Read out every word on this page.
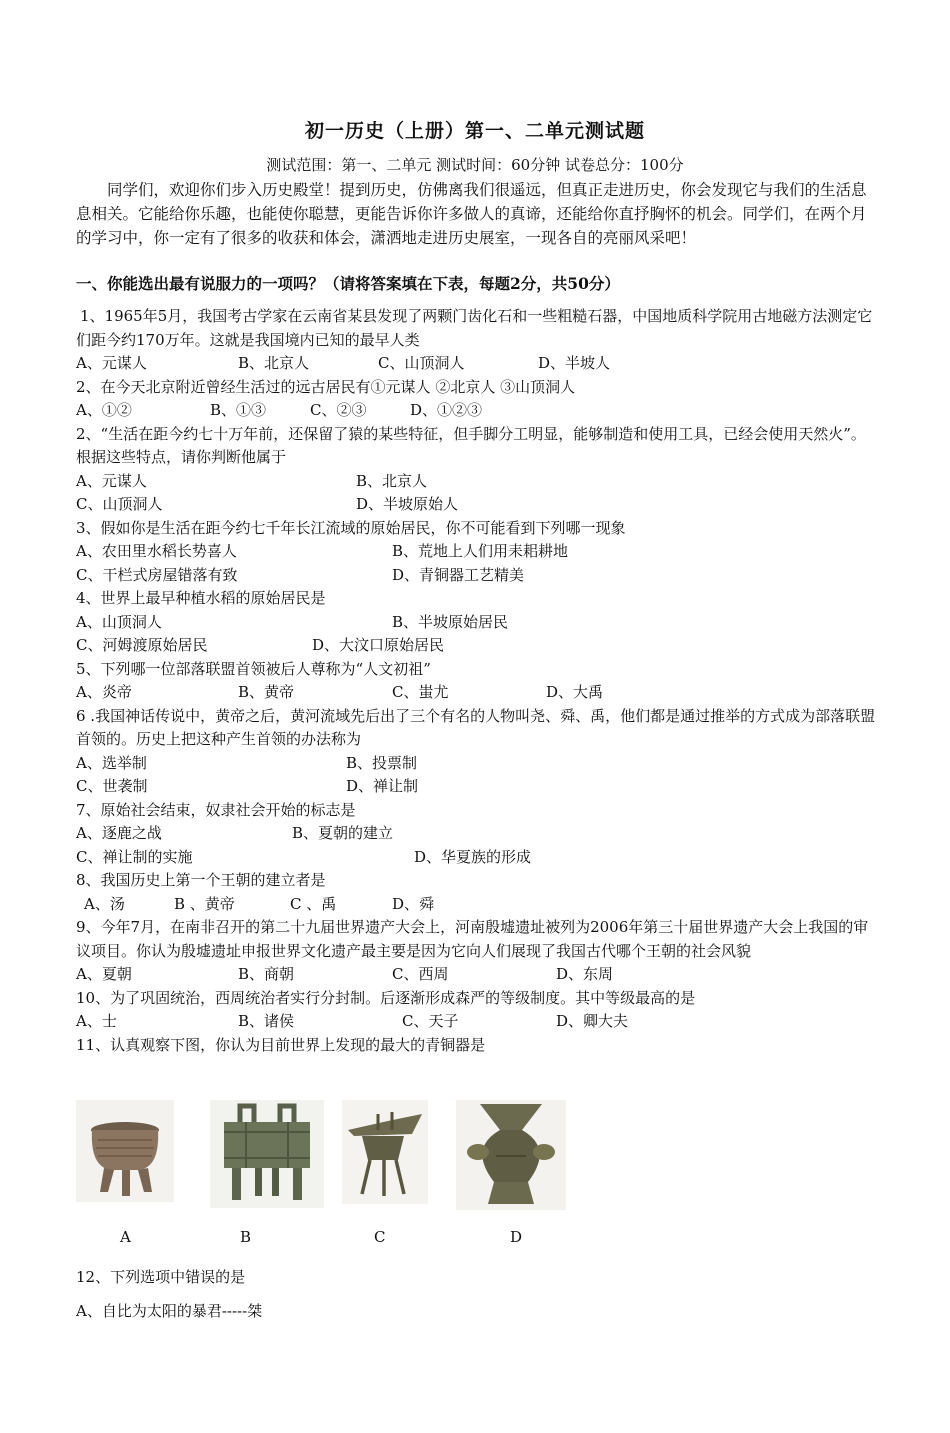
初一历史（上册）第一、二单元测试题
测试范围：第一、二单元 测试时间：60分钟 试卷总分：100分
同学们，欢迎你们步入历史殿堂！提到历史，仿佛离我们很遥远，但真正走进历史，你会发现它与我们的生活息息相关。它能给你乐趣，也能使你聪慧，更能告诉你许多做人的真谛，还能给你直抒胸怀的机会。同学们，在两个月的学习中，你一定有了很多的收获和体会，潇洒地走进历史展室，一现各自的亮丽风采吧！
一、你能选出最有说服力的一项吗？（请将答案填在下表，每题2分，共50分）

1、1965年5月，我国考古学家在云南省某县发现了两颗门齿化石和一些粗糙石器，中国地质科学院用古地磁方法测定它们距今约170万年。这就是我国境内已知的最早人类

A、元谋人	B、北京人	C、山顶洞人	D、半坡人

2、在今天北京附近曾经生活过的远古居民有①元谋人 ②北京人 ③山顶洞人

A、①②	B、①③	C、②③	D、①②③

2、“生活在距今约七十万年前，还保留了猿的某些特征，但手脚分工明显，能够制造和使用工具，已经会使用天然火”。根据这些特点，请你判断他属于

A、元谋人	B、北京人
C、山顶洞人	D、半坡原始人

3、假如你是生活在距今约七千年长江流域的原始居民，你不可能看到下列哪一现象

A、农田里水稻长势喜人	B、荒地上人们用耒耜耕地
C、干栏式房屋错落有致	D、青铜器工艺精美

4、世界上最早种植水稻的原始居民是

A、山顶洞人	B、半坡原始居民
C、河姆渡原始居民	D、大汶口原始居民

5、下列哪一位部落联盟首领被后人尊称为“人文初祖”

A、炎帝	B、黄帝	C、蚩尤	D、大禹

6 .我国神话传说中，黄帝之后，黄河流域先后出了三个有名的人物叫尧、舜、禹，他们都是通过推举的方式成为部落联盟首领的。历史上把这种产生首领的办法称为

A、选举制	B、投票制
C、世袭制	D、禅让制

7、原始社会结束，奴隶社会开始的标志是

A、逐鹿之战	B、夏朝的建立
C、禅让制的实施	D、华夏族的形成

8、我国历史上第一个王朝的建立者是

A、汤	B 、黄帝	C 、禹	D、舜

9、今年7月，在南非召开的第二十九届世界遗产大会上，河南殷墟遗址被列为2006年第三十届世界遗产大会上我国的审议项目。你认为殷墟遗址申报世界文化遗产最主要是因为它向人们展现了我国古代哪个王朝的社会风貌

A、夏朝	B、商朝	C、西周	D、东周

10、为了巩固统治，西周统治者实行分封制。后逐渐形成森严的等级制度。其中等级最高的是

A、士	B、诸侯	C、天子	D、卿大夫

11、认真观察下图，你认为目前世界上发现的最大的青铜器是

A	B	C	D
12、下列选项中错误的是
A、自比为太阳的暴君-----桀
